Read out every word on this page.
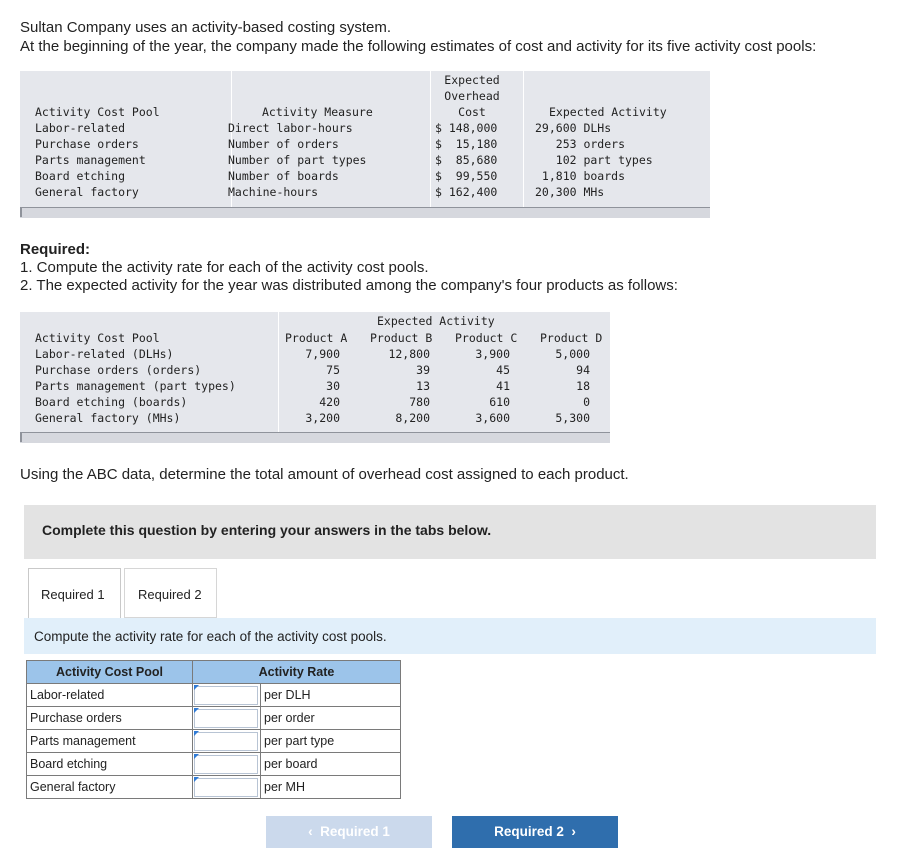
Sultan Company uses an activity-based costing system.
At the beginning of the year, the company made the following estimates of cost and activity for its five activity cost pools:
Expected
Overhead
Cost
Activity Cost Pool	Activity Measure	Expected Activity
Labor-related	Direct labor-hours	$ 148,000	29,600 DLHs
Purchase orders	Number of orders	$  15,180	253 orders
Parts management	Number of part types	$  85,680	102 part types
Board etching	Number of boards	$  99,550	1,810 boards
General factory	Machine-hours	$ 162,400	20,300 MHs
Required:
1. Compute the activity rate for each of the activity cost pools.
2. The expected activity for the year was distributed among the company's four products as follows:
Expected Activity
Activity Cost Pool	Product A Product B Product C Product D
Labor-related (DLHs)	7,900	12,800	3,900	5,000
Purchase orders (orders)	75	39	45	94
Parts management (part types)	30	13	41	18
Board etching (boards)	420	780	610	0
General factory (MHs)	3,200	8,200	3,600	5,300
Using the ABC data, determine the total amount of overhead cost assigned to each product.
Complete this question by entering your answers in the tabs below.
Required 1	Required 2
Compute the activity rate for each of the activity cost pools.
Activity Cost Pool	Activity Rate	
Labor-related		per DLH
Purchase orders		per order
Parts management		per part type
Board etching		per board
General factory		per MH
‹  Required 1	Required 2  ›
